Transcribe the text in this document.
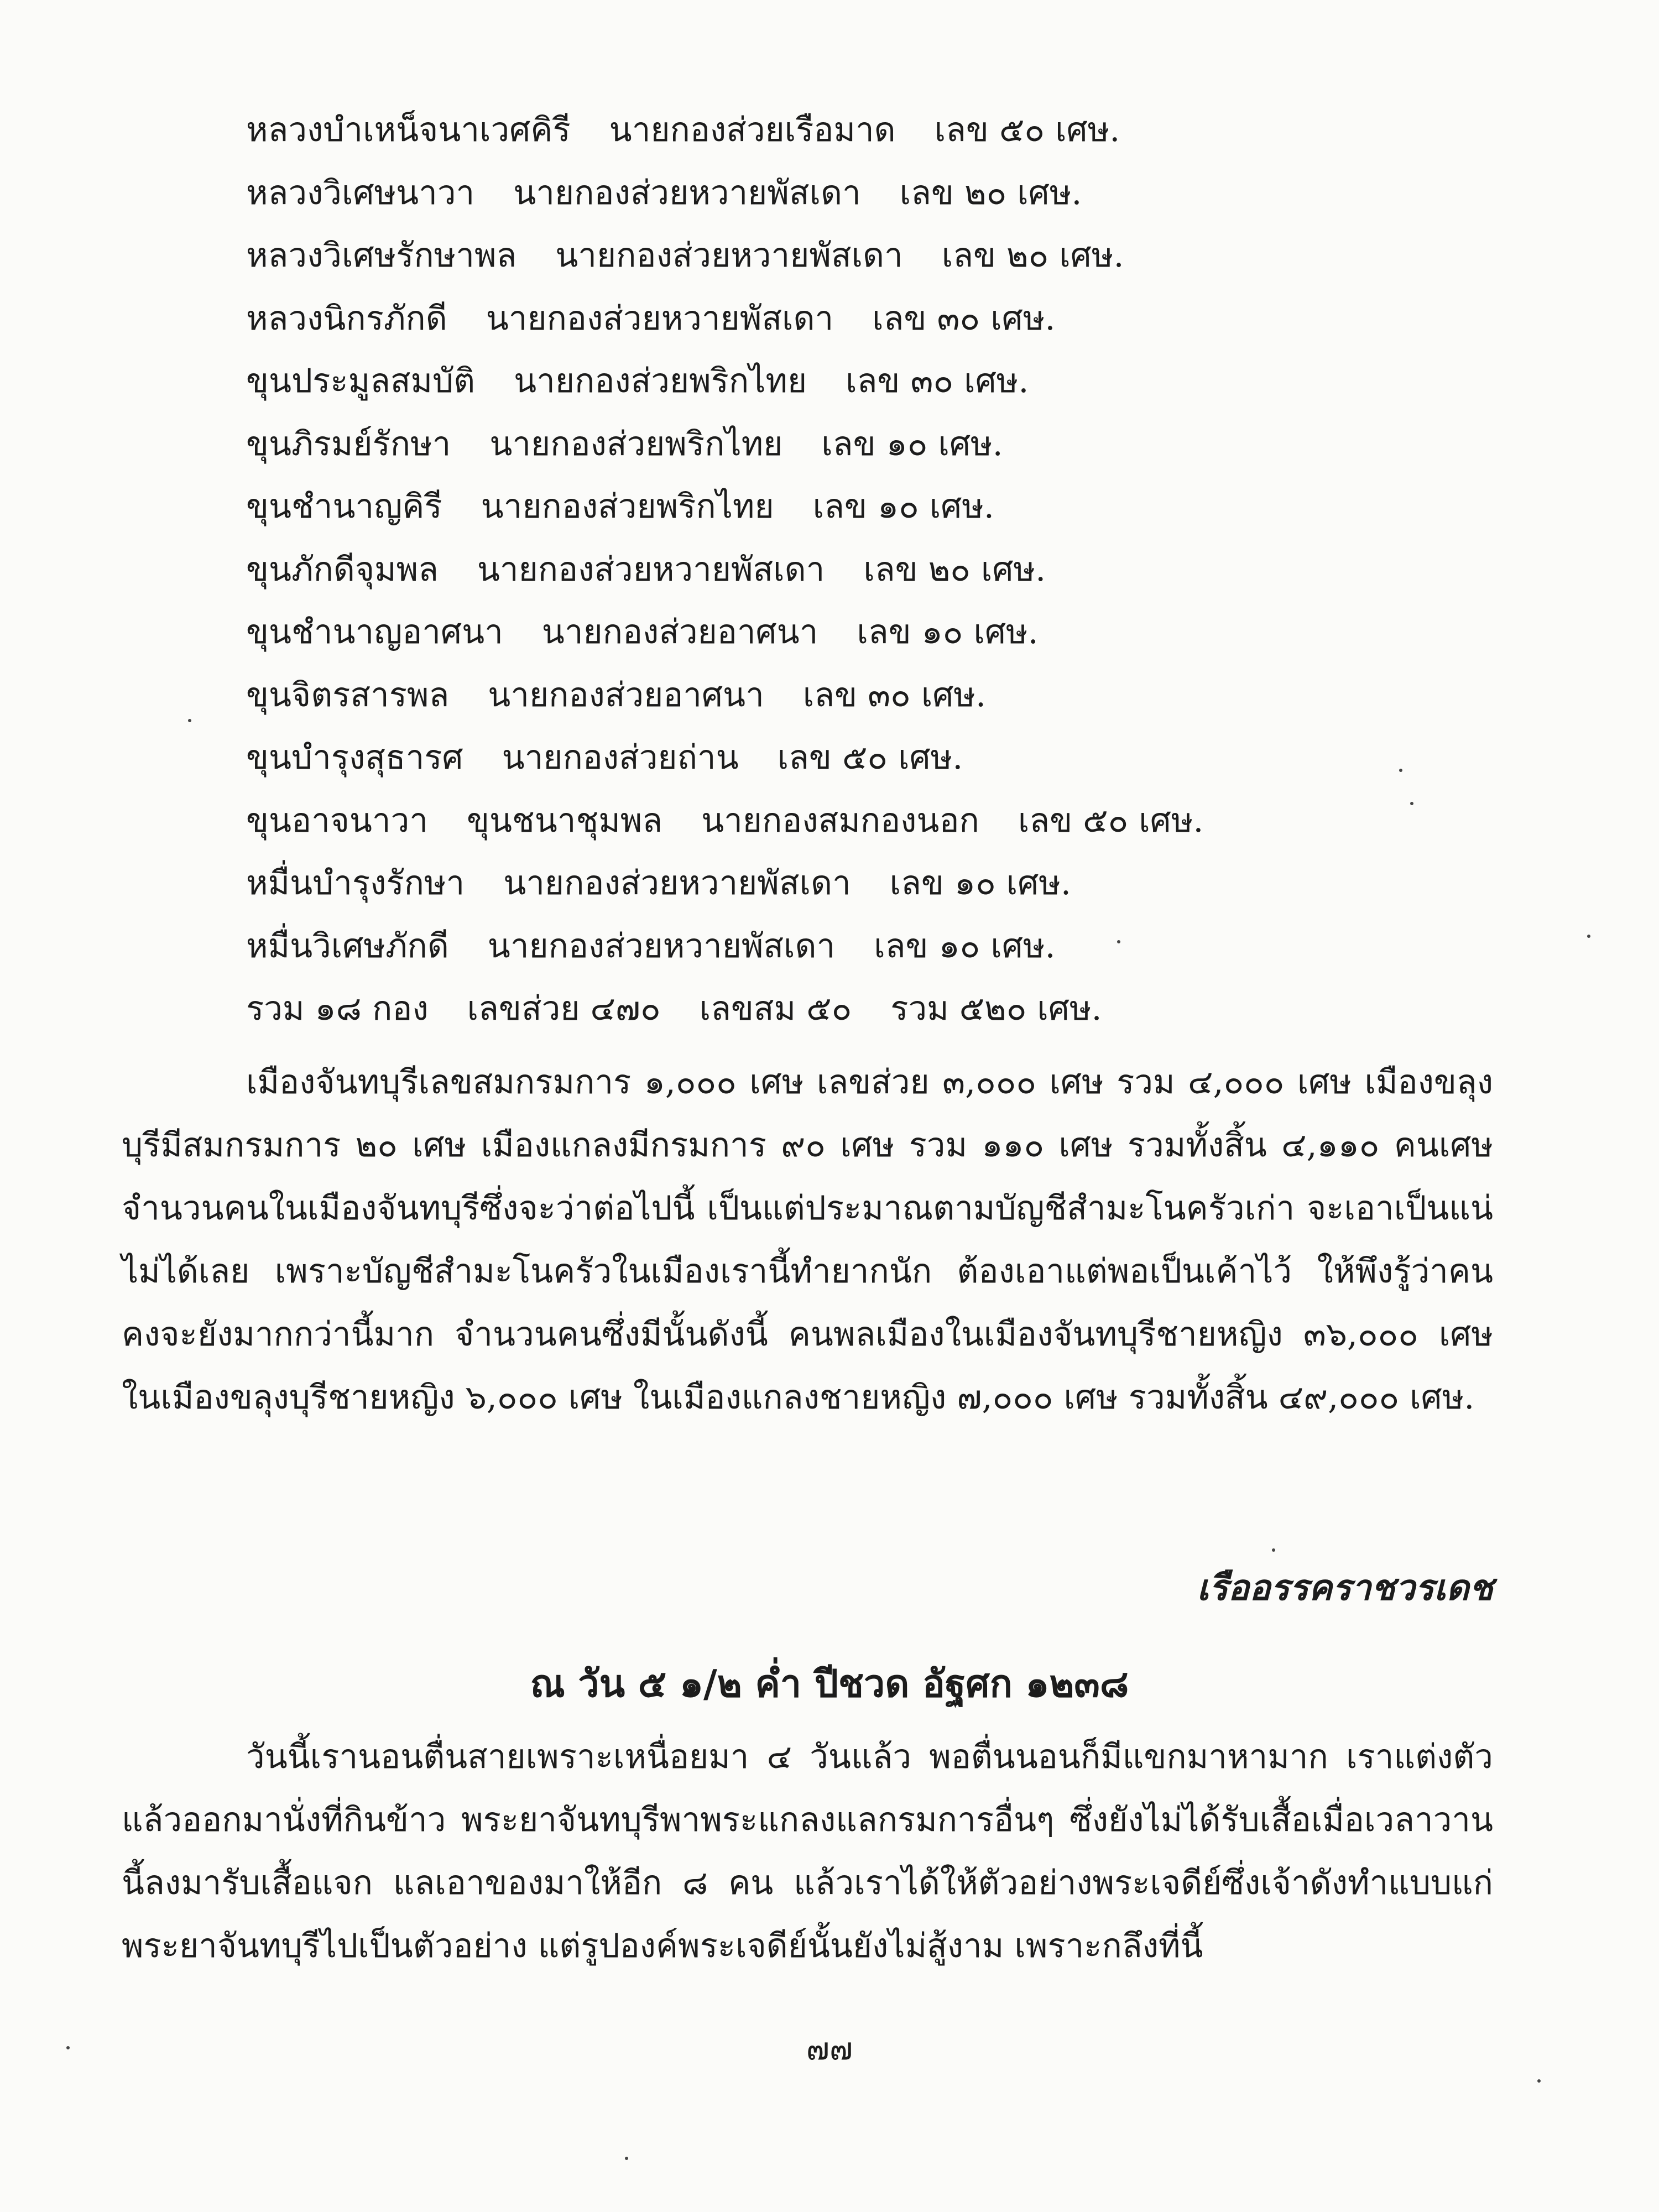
หลวงบำเหน็จนาเวศคิรี นายกองส่วยเรือมาด เลข ๕๐ เศษ.
หลวงวิเศษนาวา นายกองส่วยหวายพัสเดา เลข ๒๐ เศษ.
หลวงวิเศษรักษาพล นายกองส่วยหวายพัสเดา เลข ๒๐ เศษ.
หลวงนิกรภักดี นายกองส่วยหวายพัสเดา เลข ๓๐ เศษ.
ขุนประมูลสมบัติ นายกองส่วยพริกไทย เลข ๓๐ เศษ.
ขุนภิรมย์รักษา นายกองส่วยพริกไทย เลข ๑๐ เศษ.
ขุนชำนาญคิรี นายกองส่วยพริกไทย เลข ๑๐ เศษ.
ขุนภักดีจุมพล นายกองส่วยหวายพัสเดา เลข ๒๐ เศษ.
ขุนชำนาญอาศนา นายกองส่วยอาศนา เลข ๑๐ เศษ.
ขุนจิตรสารพล นายกองส่วยอาศนา เลข ๓๐ เศษ.
ขุนบำรุงสุธารศ นายกองส่วยถ่าน เลข ๕๐ เศษ.
ขุนอาจนาวา ขุนชนาชุมพล นายกองสมกองนอก เลข ๕๐ เศษ.
หมื่นบำรุงรักษา นายกองส่วยหวายพัสเดา เลข ๑๐ เศษ.
หมื่นวิเศษภักดี นายกองส่วยหวายพัสเดา เลข ๑๐ เศษ.
รวม ๑๘ กอง เลขส่วย ๔๗๐ เลขสม ๕๐ รวม ๕๒๐ เศษ.

เมืองจันทบุรีเลขสมกรมการ ๑,๐๐๐ เศษ เลขส่วย ๓,๐๐๐ เศษ รวม ๔,๐๐๐ เศษ เมืองขลุงบุรีมีสมกรมการ ๒๐ เศษ เมืองแกลงมีกรมการ ๙๐ เศษ รวม ๑๑๐ เศษ รวมทั้งสิ้น ๔,๑๑๐ คนเศษ จำนวนคนในเมืองจันทบุรีซึ่งจะว่าต่อไปนี้ เป็นแต่ประมาณตามบัญชีสำมะโนครัวเก่า จะเอาเป็นแน่ไม่ได้เลย เพราะบัญชีสำมะโนครัวในเมืองเรานี้ทำยากนัก ต้องเอาแต่พอเป็นเค้าไว้ ให้พึงรู้ว่าคนคงจะยังมากกว่านี้มาก จำนวนคนซึ่งมีนั้นดังนี้ คนพลเมืองในเมืองจันทบุรีชายหญิง ๓๖,๐๐๐ เศษ ในเมืองขลุงบุรีชายหญิง ๖,๐๐๐ เศษ ในเมืองแกลงชายหญิง ๗,๐๐๐ เศษ รวมทั้งสิ้น ๔๙,๐๐๐ เศษ.

เรืออรรคราชวรเดช
ณ วัน ๕ ๑/๒ ค่ำ ปีชวด อัฐศก ๑๒๓๘

วันนี้เรานอนตื่นสายเพราะเหนื่อยมา ๔ วันแล้ว พอตื่นนอนก็มีแขกมาหามาก เราแต่งตัวแล้วออกมานั่งที่กินข้าว พระยาจันทบุรีพาพระแกลงแลกรมการอื่นๆ ซึ่งยังไม่ได้รับเสื้อเมื่อเวลาวานนี้ลงมารับเสื้อแจก แลเอาของมาให้อีก ๘ คน แล้วเราได้ให้ตัวอย่างพระเจดีย์ซึ่งเจ้าดังทำแบบแก่พระยาจันทบุรีไปเป็นตัวอย่าง แต่รูปองค์พระเจดีย์นั้นยังไม่สู้งาม เพราะกลึงที่นี้

๗๗
